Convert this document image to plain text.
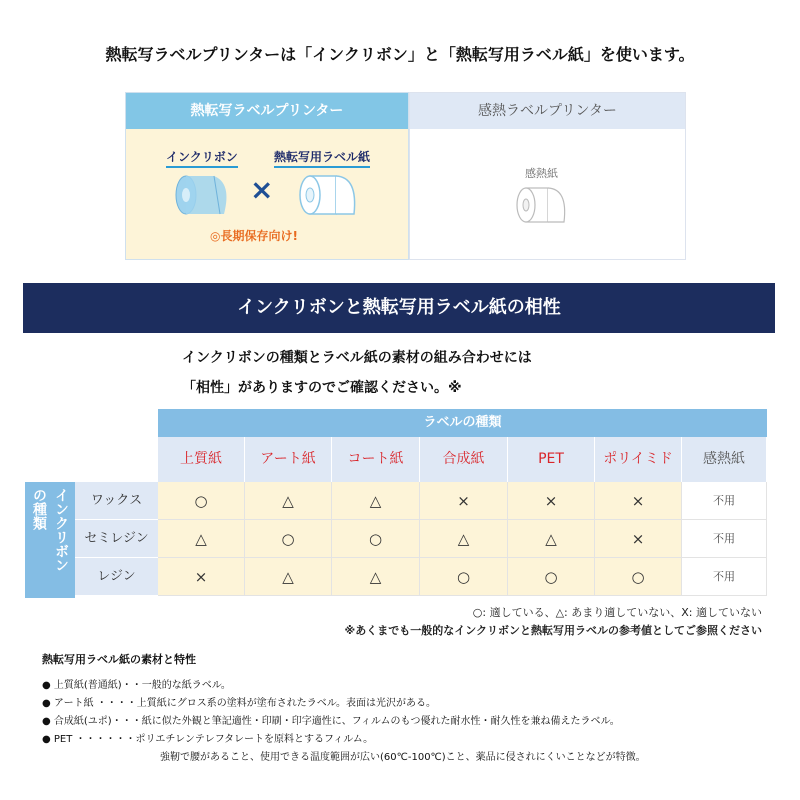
熱転写ラベルプリンターは「インクリボン」と「熱転写用ラベル紙」を使います。
熱転写ラベルプリンター
インクリボン	熱転写用ラベル紙
×
◎長期保存向け!
感熱ラベルプリンター
感熱紙
インクリボンと熱転写用ラベル紙の相性
インクリボンの種類とラベル紙の素材の組み合わせには
「相性」がありますのでご確認ください。※
ラベルの種類
上質紙	アート紙	コート紙	合成紙	PET	ポリイミド	感熱紙
インクリボン
の種類	ワックス	○	△	△	×	×	×	不用
セミレジン	△	○	○	△	△	×	不用
レジン	×	△	△	○	○	○	不用
○: 適している、△: あまり適していない、X: 適していない
※あくまでも一般的なインクリボンと熱転写用ラベルの参考値としてご参照ください
熱転写用ラベル紙の素材と特性
● 上質紙(普通紙)・・一般的な紙ラベル。
● アート紙 ・・・・上質紙にグロス系の塗料が塗布されたラベル。表面は光沢がある。
● 合成紙(ユポ)・・・紙に似た外観と筆記適性・印刷・印字適性に、フィルムのもつ優れた耐水性・耐久性を兼ね備えたラベル。
● PET ・・・・・・ポリエチレンテレフタレートを原料とするフィルム。
強靭で腰があること、使用できる温度範囲が広い(60℃-100℃)こと、薬品に侵されにくいことなどが特徴。
